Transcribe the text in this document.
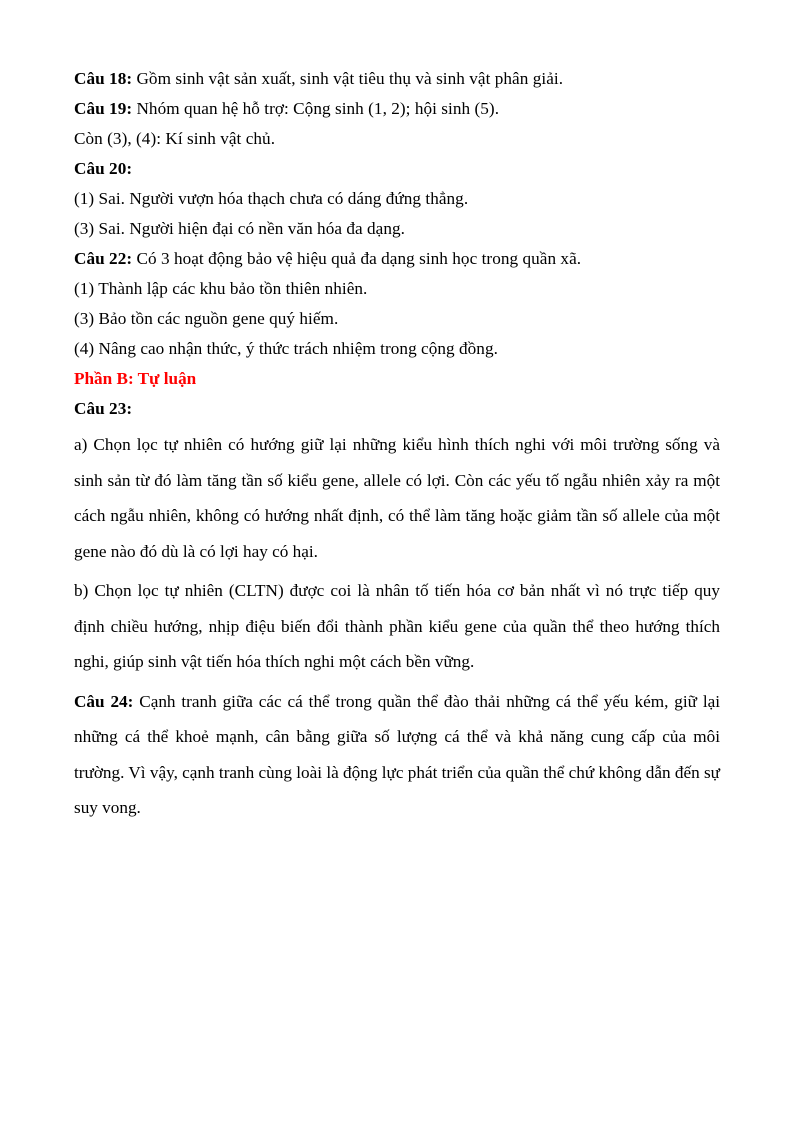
Câu 18: Gồm sinh vật sản xuất, sinh vật tiêu thụ và sinh vật phân giải.

Câu 19: Nhóm quan hệ hỗ trợ: Cộng sinh (1, 2); hội sinh (5).

Còn (3), (4): Kí sinh vật chủ.

Câu 20:

(1) Sai. Người vượn hóa thạch chưa có dáng đứng thẳng.

(3) Sai. Người hiện đại có nền văn hóa đa dạng.

Câu 22: Có 3 hoạt động bảo vệ hiệu quả đa dạng sinh học trong quần xã.

(1) Thành lập các khu bảo tồn thiên nhiên.

(3) Bảo tồn các nguồn gene quý hiếm.

(4) Nâng cao nhận thức, ý thức trách nhiệm trong cộng đồng.

Phần B: Tự luận

Câu 23:

a) Chọn lọc tự nhiên có hướng giữ lại những kiểu hình thích nghi với môi trường sống và sinh sản từ đó làm tăng tần số kiểu gene, allele có lợi. Còn các yếu tố ngẫu nhiên xảy ra một cách ngẫu nhiên, không có hướng nhất định, có thể làm tăng hoặc giảm tần số allele của một gene nào đó dù là có lợi hay có hại.

b) Chọn lọc tự nhiên (CLTN) được coi là nhân tố tiến hóa cơ bản nhất vì nó trực tiếp quy định chiều hướng, nhịp điệu biến đổi thành phần kiểu gene của quần thể theo hướng thích nghi, giúp sinh vật tiến hóa thích nghi một cách bền vững.

Câu 24: Cạnh tranh giữa các cá thể trong quần thể đào thải những cá thể yếu kém, giữ lại những cá thể khoẻ mạnh, cân bằng giữa số lượng cá thể và khả năng cung cấp của môi trường. Vì vậy, cạnh tranh cùng loài là động lực phát triển của quần thể chứ không dẫn đến sự suy vong.
